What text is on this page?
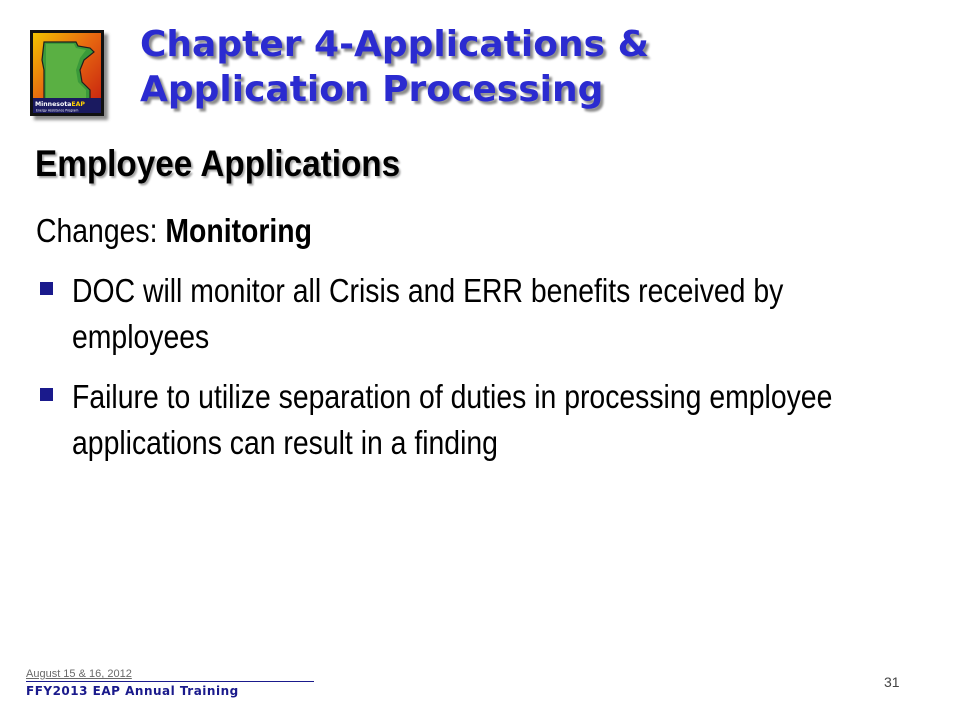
MinnesotaEAP
Energy Assistance Program
Chapter 4-Applications &
Application Processing
Employee Applications
Changes: Monitoring
DOC will monitor all Crisis and ERR benefits received by employees
Failure to utilize separation of duties in processing employee applications can result in a finding
August 15 & 16, 2012
FFY2013 EAP Annual Training
31
